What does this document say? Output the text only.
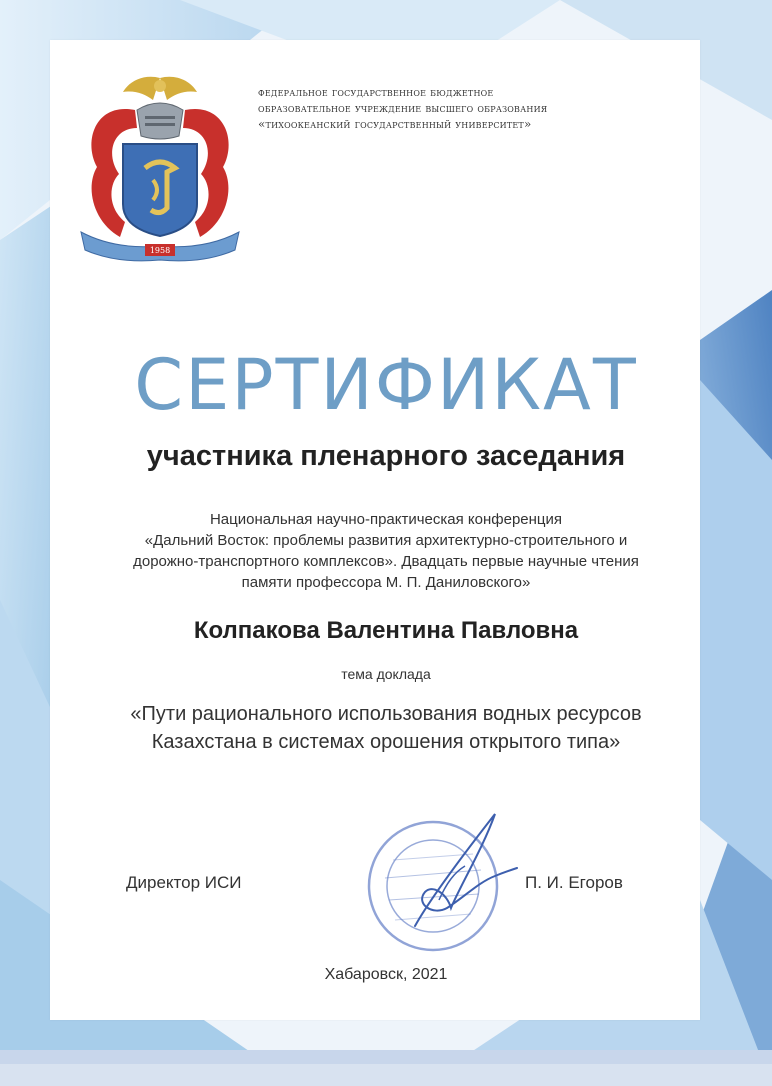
1958
федеральное государственное бюджетное
образовательное учреждение высшего образования
«тихоокеанский государственный университет»
СЕРТИФИКАТ
участника пленарного заседания
Национальная научно-практическая конференция
«Дальний Восток: проблемы развития архитектурно-строительного и
дорожно-транспортного комплексов». Двадцать первые научные чтения
памяти профессора М. П. Даниловского»
Колпакова Валентина Павловна
тема доклада
«Пути рационального использования водных ресурсов
Казахстана в системах орошения открытого типа»
Директор ИСИ	П. И. Егоров
Хабаровск, 2021
